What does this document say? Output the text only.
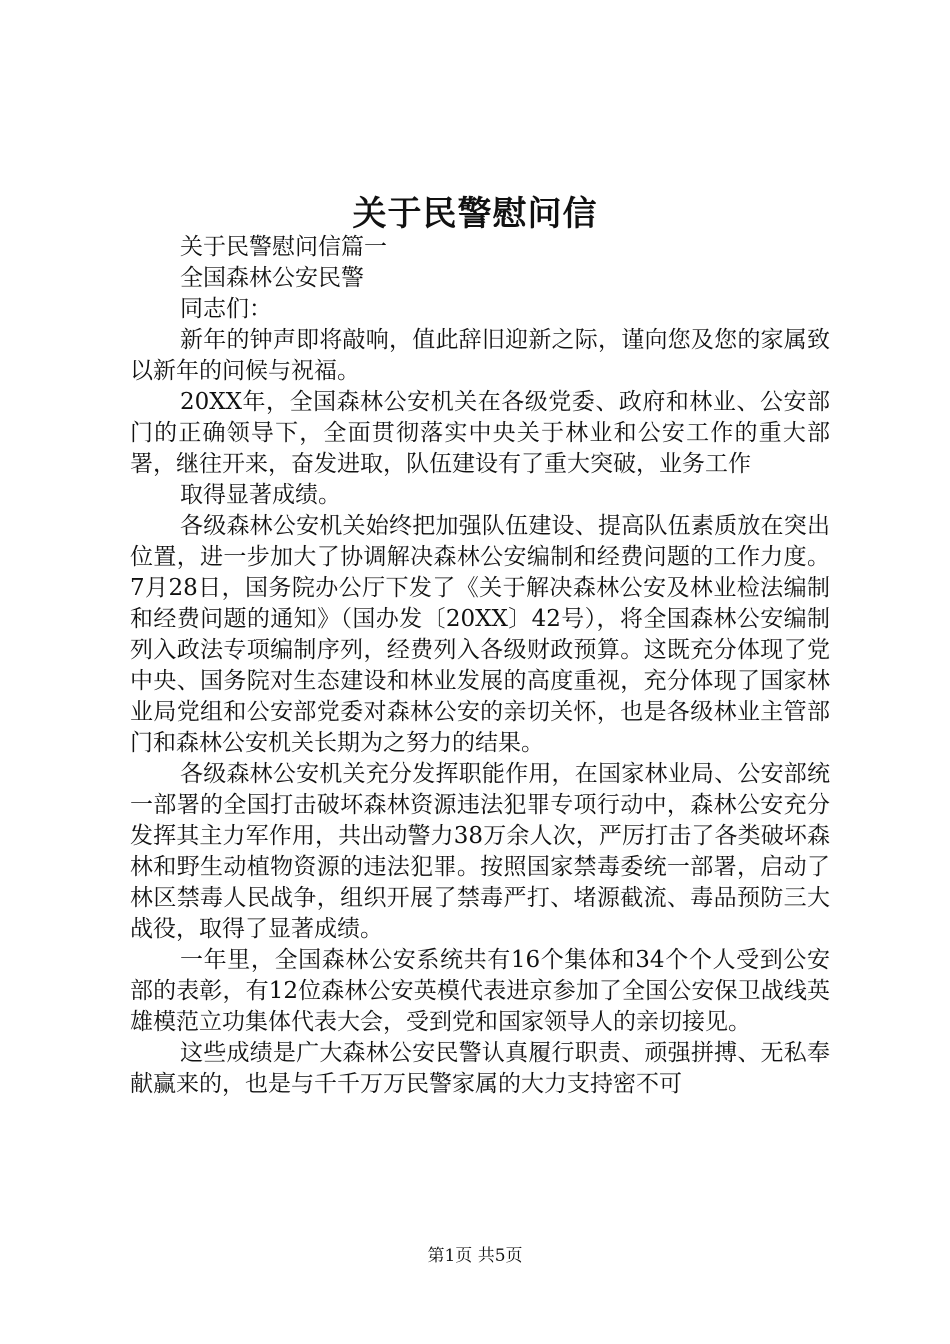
关于民警慰问信

关于民警慰问信篇一

全国森林公安民警

同志们：

新年的钟声即将敲响，值此辞旧迎新之际，谨向您及您的家属致以新年的问候与祝福。

20XX年，全国森林公安机关在各级党委、政府和林业、公安部门的正确领导下，全面贯彻落实中央关于林业和公安工作的重大部署，继往开来，奋发进取，队伍建设有了重大突破，业务工作

取得显著成绩。

各级森林公安机关始终把加强队伍建设、提高队伍素质放在突出位置，进一步加大了协调解决森林公安编制和经费问题的工作力度。7月28日，国务院办公厅下发了《关于解决森林公安及林业检法编制和经费问题的通知》（国办发〔20XX〕42号），将全国森林公安编制列入政法专项编制序列，经费列入各级财政预算。这既充分体现了党中央、国务院对生态建设和林业发展的高度重视，充分体现了国家林业局党组和公安部党委对森林公安的亲切关怀，也是各级林业主管部门和森林公安机关长期为之努力的结果。

各级森林公安机关充分发挥职能作用，在国家林业局、公安部统一部署的全国打击破坏森林资源违法犯罪专项行动中，森林公安充分发挥其主力军作用，共出动警力38万余人次，严厉打击了各类破坏森林和野生动植物资源的违法犯罪。按照国家禁毒委统一部署，启动了林区禁毒人民战争，组织开展了禁毒严打、堵源截流、毒品预防三大战役，取得了显著成绩。

一年里，全国森林公安系统共有16个集体和34个个人受到公安部的表彰，有12位森林公安英模代表进京参加了全国公安保卫战线英雄模范立功集体代表大会，受到党和国家领导人的亲切接见。

这些成绩是广大森林公安民警认真履行职责、顽强拼搏、无私奉献赢来的，也是与千千万万民警家属的大力支持密不可

第1页 共5页
